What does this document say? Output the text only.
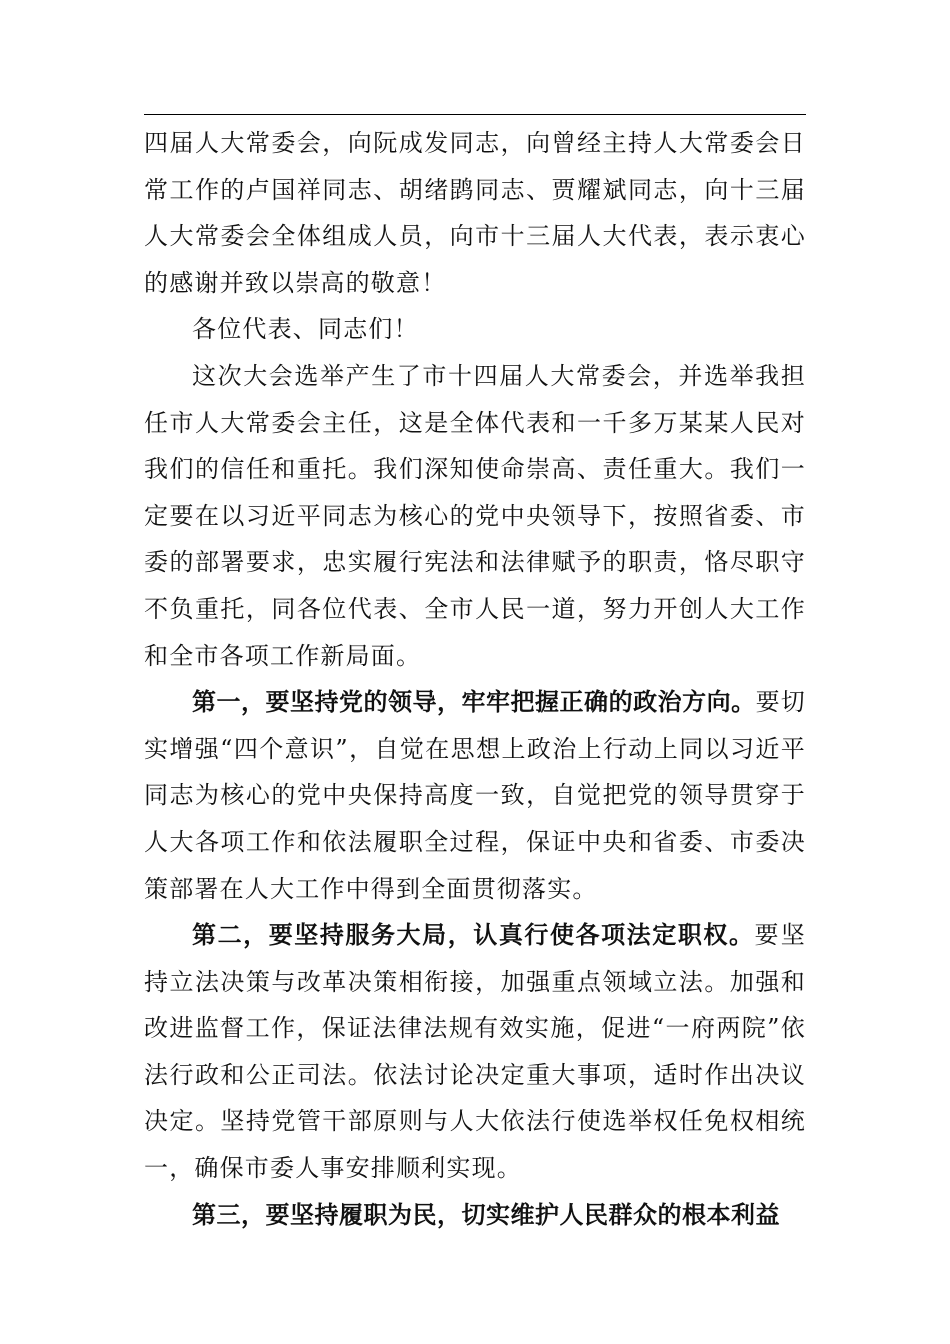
四届人大常委会，向阮成发同志，向曾经主持人大常委会日常工作的卢国祥同志、胡绪鹍同志、贾耀斌同志，向十三届人大常委会全体组成人员，向市十三届人大代表，表示衷心的感谢并致以崇高的敬意！

各位代表、同志们！

这次大会选举产生了市十四届人大常委会，并选举我担任市人大常委会主任，这是全体代表和一千多万某某人民对我们的信任和重托。我们深知使命崇高、责任重大。我们一定要在以习近平同志为核心的党中央领导下，按照省委、市委的部署要求，忠实履行宪法和法律赋予的职责，恪尽职守不负重托，同各位代表、全市人民一道，努力开创人大工作和全市各项工作新局面。

第一，要坚持党的领导，牢牢把握正确的政治方向。要切实增强“四个意识”，自觉在思想上政治上行动上同以习近平同志为核心的党中央保持高度一致，自觉把党的领导贯穿于人大各项工作和依法履职全过程，保证中央和省委、市委决策部署在人大工作中得到全面贯彻落实。

第二，要坚持服务大局，认真行使各项法定职权。要坚持立法决策与改革决策相衔接，加强重点领域立法。加强和改进监督工作，保证法律法规有效实施，促进“一府两院”依法行政和公正司法。依法讨论决定重大事项，适时作出决议决定。坚持党管干部原则与人大依法行使选举权任免权相统一，确保市委人事安排顺利实现。

第三，要坚持履职为民，切实维护人民群众的根本利益
